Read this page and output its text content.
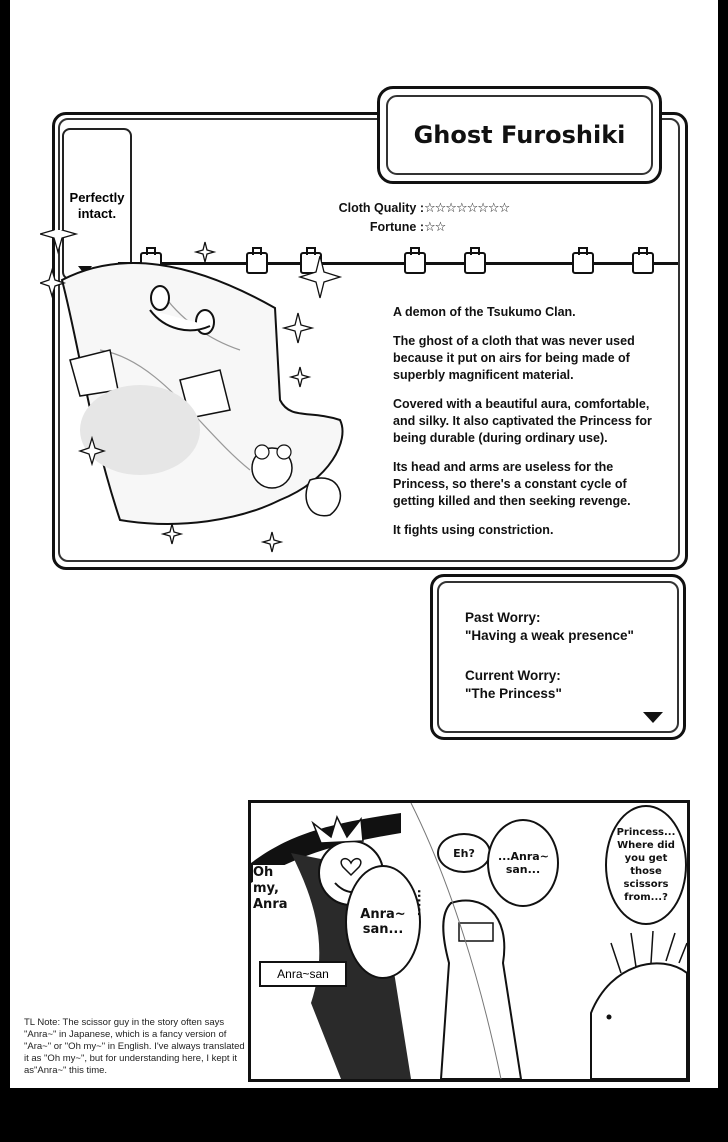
Ghost Furoshiki
Perfectly intact.	Cloth Quality : ☆☆☆☆☆☆☆☆
Fortune : ☆☆

A demon of the Tsukumo Clan.

The ghost of a cloth that was never used because it put on airs for being made of superbly magnificent material.

Covered with a beautiful aura, comfortable, and silky. It also captivated the Princess for being durable (during ordinary use).

Its head and arms are useless for the Princess, so there's a constant cycle of getting killed and then seeking revenge.

It fights using constriction.

Past Worry:
"Having a weak presence"
Current Worry:
"The Princess"
Oh my, Anra
Anra~san
Anra~ san...
......
Eh? ...Anra~ san...
Princess... Where did you get those scissors from...?
TL Note: The scissor guy in the story often says "Anra~" in Japanese, which is a fancy version of "Ara~" or "Oh my~" in English. I've always translated it as "Oh my~", but for understanding here, I kept it as"Anra~" this time.
